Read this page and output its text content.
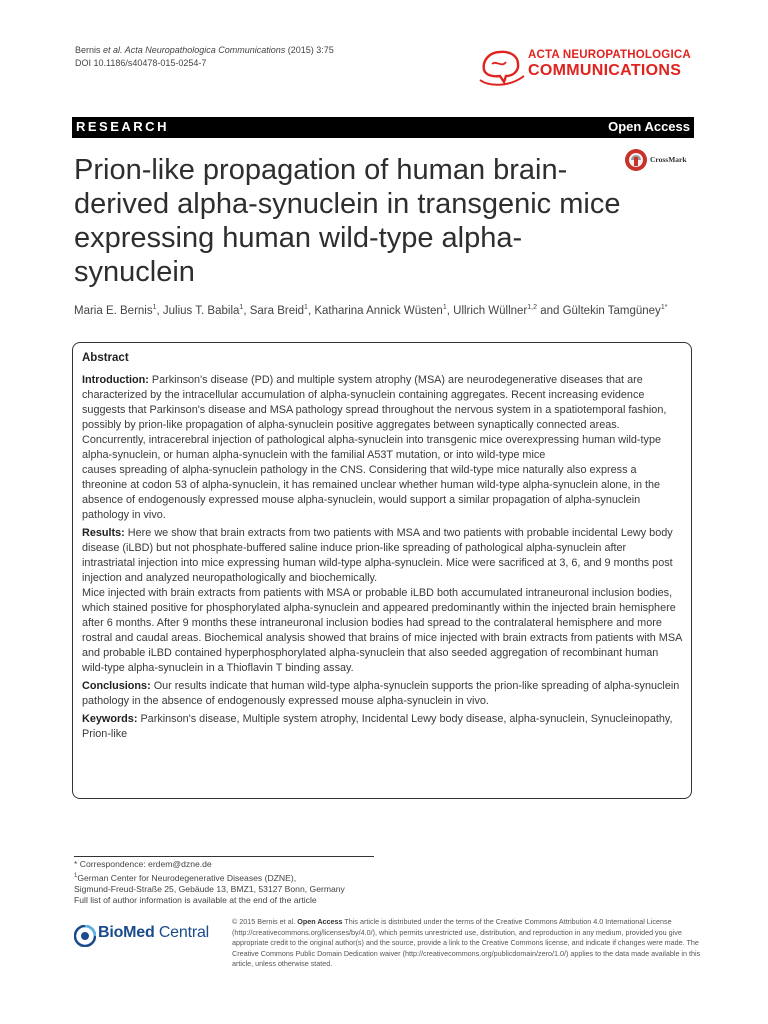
Bernis et al. Acta Neuropathologica Communications (2015) 3:75
DOI 10.1186/s40478-015-0254-7
ACTA NEUROPATHOLOGICA
COMMUNICATIONS
RESEARCH	Open Access
CrossMark
Prion-like propagation of human brain-derived alpha-synuclein in transgenic mice expressing human wild-type alpha-synuclein
Maria E. Bernis$^1$, Julius T. Babila$^1$, Sara Breid$^1$, Katharina Annick Wüsten$^1$, Ullrich Wüllner$^{1,2}$ and Gültekin Tamgüney$^{1*}$
Abstract

Introduction: Parkinson's disease (PD) and multiple system atrophy (MSA) are neurodegenerative diseases that are characterized by the intracellular accumulation of alpha-synuclein containing aggregates. Recent increasing evidence suggests that Parkinson's disease and MSA pathology spread throughout the nervous system in a spatiotemporal fashion, possibly by prion-like propagation of alpha-synuclein positive aggregates between synaptically connected areas. Concurrently, intracerebral injection of pathological alpha-synuclein into transgenic mice overexpressing human wild-type alpha-synuclein, or human alpha-synuclein with the familial A53T mutation, or into wild-type mice
causes spreading of alpha-synuclein pathology in the CNS. Considering that wild-type mice naturally also express a threonine at codon 53 of alpha-synuclein, it has remained unclear whether human wild-type alpha-synuclein alone, in the absence of endogenously expressed mouse alpha-synuclein, would support a similar propagation of alpha-synuclein pathology in vivo.

Results: Here we show that brain extracts from two patients with MSA and two patients with probable incidental Lewy body disease (iLBD) but not phosphate-buffered saline induce prion-like spreading of pathological alpha-synuclein after intrastriatal injection into mice expressing human wild-type alpha-synuclein. Mice were sacrificed at 3, 6, and 9 months post injection and analyzed neuropathologically and biochemically.
Mice injected with brain extracts from patients with MSA or probable iLBD both accumulated intraneuronal inclusion bodies, which stained positive for phosphorylated alpha-synuclein and appeared predominantly within the injected brain hemisphere after 6 months. After 9 months these intraneuronal inclusion bodies had spread to the contralateral hemisphere and more rostral and caudal areas. Biochemical analysis showed that brains of mice injected with brain extracts from patients with MSA and probable iLBD contained hyperphosphorylated alpha-synuclein that also seeded aggregation of recombinant human wild-type alpha-synuclein in a Thioflavin T binding assay.

Conclusions: Our results indicate that human wild-type alpha-synuclein supports the prion-like spreading of alpha-synuclein pathology in the absence of endogenously expressed mouse alpha-synuclein in vivo.

Keywords: Parkinson's disease, Multiple system atrophy, Incidental Lewy body disease, alpha-synuclein, Synucleinopathy, Prion-like

* Correspondence: erdem@dzne.de
$^1$German Center for Neurodegenerative Diseases (DZNE),
Sigmund-Freud-Straße 25, Gebäude 13, BMZ1, 53127 Bonn, Germany
Full list of author information is available at the end of the article
BioMed Central
© 2015 Bernis et al. Open Access This article is distributed under the terms of the Creative Commons Attribution 4.0 International License (http://creativecommons.org/licenses/by/4.0/), which permits unrestricted use, distribution, and reproduction in any medium, provided you give appropriate credit to the original author(s) and the source, provide a link to the Creative Commons license, and indicate if changes were made. The Creative Commons Public Domain Dedication waiver (http://creativecommons.org/publicdomain/zero/1.0/) applies to the data made available in this article, unless otherwise stated.
